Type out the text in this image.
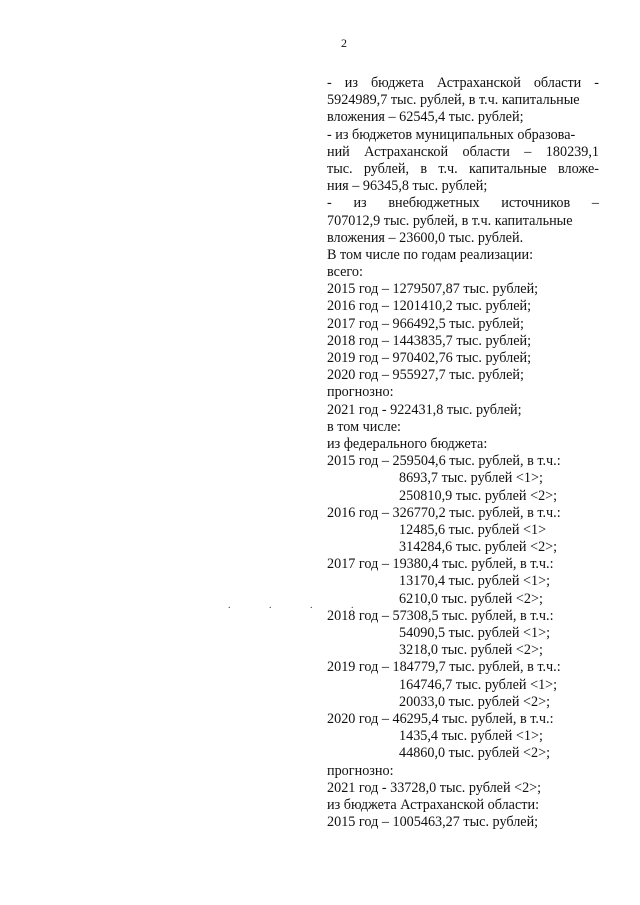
2
. . . .
- из бюджета Астраханской области -
5924989,7 тыс. рублей, в т.ч. капитальные
вложения – 62545,4 тыс. рублей;
- из бюджетов муниципальных образова-
ний Астраханской области – 180239,1
тыс. рублей, в т.ч. капитальные вложе-
ния – 96345,8 тыс. рублей;
- из внебюджетных источников –
707012,9 тыс. рублей, в т.ч. капитальные
вложения – 23600,0 тыс. рублей.
В том числе по годам реализации:
всего:
2015 год – 1279507,87 тыс. рублей;
2016 год – 1201410,2 тыс. рублей;
2017 год – 966492,5 тыс. рублей;
2018 год – 1443835,7 тыс. рублей;
2019 год – 970402,76 тыс. рублей;
2020 год – 955927,7 тыс. рублей;
прогнозно:
2021 год - 922431,8 тыс. рублей;
в том числе:
из федерального бюджета:
2015 год – 259504,6 тыс. рублей, в т.ч.:
8693,7 тыс. рублей <1>;
250810,9 тыс. рублей <2>;
2016 год – 326770,2 тыс. рублей, в т.ч.:
12485,6 тыс. рублей <1>
314284,6 тыс. рублей <2>;
2017 год – 19380,4 тыс. рублей, в т.ч.:
13170,4 тыс. рублей <1>;
6210,0 тыс. рублей <2>;
2018 год – 57308,5 тыс. рублей, в т.ч.:
54090,5 тыс. рублей <1>;
3218,0 тыс. рублей <2>;
2019 год – 184779,7 тыс. рублей, в т.ч.:
164746,7 тыс. рублей <1>;
20033,0 тыс. рублей <2>;
2020 год – 46295,4 тыс. рублей, в т.ч.:
1435,4 тыс. рублей <1>;
44860,0 тыс. рублей <2>;
прогнозно:
2021 год - 33728,0 тыс. рублей <2>;
из бюджета Астраханской области:
2015 год – 1005463,27 тыс. рублей;
